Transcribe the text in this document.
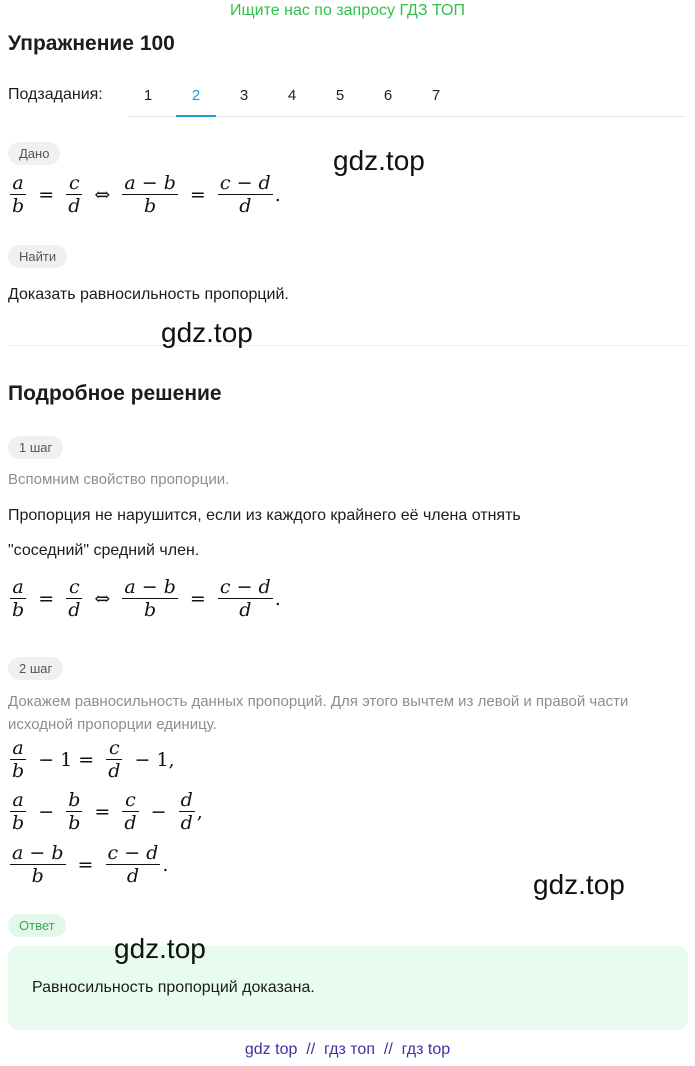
Ищите нас по запросу ГДЗ ТОП
Упражнение 100
Подзадания:	1	2	3	4	5	6	7
Дано
$\frac{a}{b} = \frac{c}{d}$ ⇔ $\frac{a - b}{b} = \frac{c - d}{d}$ .
Найти
Доказать равносильность пропорций.
Подробное решение
1 шаг
Вспомним свойство пропорции.
Пропорция не нарушится, если из каждого крайнего её члена отнять
"соседний" средний член.
$\frac{a}{b} = \frac{c}{d}$ ⇔ $\frac{a - b}{b} = \frac{c - d}{d}$ .
2 шаг
Докажем равносильность данных пропорций. Для этого вычтем из левой и правой части
исходной пропорции единицу.
$\frac{a}{b} - 1 = \frac{c}{d} - 1$,
$\frac{a}{b} - \frac{b}{b} = \frac{c}{d} - \frac{d}{d}$ ,
$\frac{a - b}{b} = \frac{c - d}{d}$ .
Ответ
Равносильность пропорций доказана.
gdz.top
gdz.top
gdz.top
gdz.top
gdz top  //  гдз топ  //  гдз top
